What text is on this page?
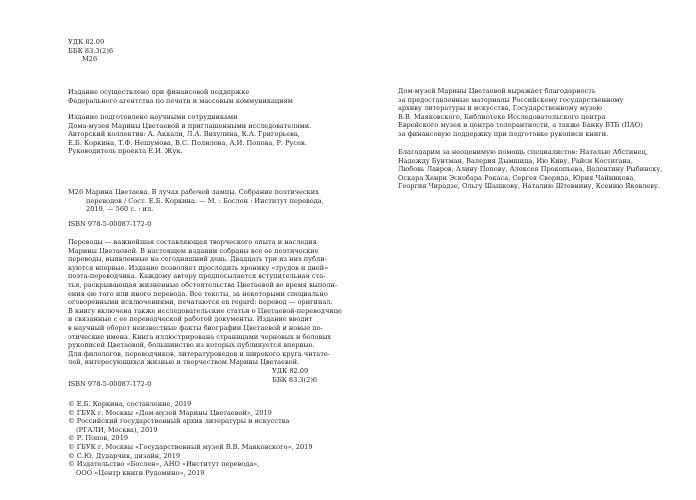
УДК 82.09
ББК 83.3(2)6
М26
Издание осуществлено при финансовой поддержке
Федерального агентства по печати и массовым коммуникациям
Издание подготовлено научными сотрудниками
Дома-музея Марины Цветаевой и приглашенными исследователями.
Авторский коллектив: А. Аккали, Л.А. Вихулина, К.А. Григорьева,
Е.Б. Коркина, Т.Ф. Нешумова, В.С. Полилова, А.И. Попова, Р. Русев.
Руководитель проекта Е.И. Жук.
М26 Марина Цветаева. В лучах рабочей лампы. Собрание поэтических
переводов / Сост. Е.Б. Коркина. — М. : Бослен : Институт перевода,
2019. — 560 с. : ил.
ISBN 978-5-00087-172-0
Переводы — важнейшая составляющая творческого опыта и наследия
Марины Цветаевой. В настоящем издании собраны все ее поэтические
переводы, выявленные на сегодняшний день. Двадцать три из них публи-
куются впервые. Издание позволяет проследить хронику «трудов и дней»
поэта-переводчика. Каждому автору предпосылается вступительная ста-
тья, раскрывающая жизненные обстоятельства Цветаевой во время выполн-
ения ею того или иного перевода. Все тексты, за некоторыми специально
оговоренными исключениями, печатаются en regard: перевод — оригинал.
В книгу включена также исследовательские статьи о Цветаевой-переводчице
и связанные с ее переводческой работой документы. Издание вводит
в научный оборот неизвестные факты биографии Цветаевой и новые по-
этические имена. Книга иллюстрирована страницами черновых и беловых
рукописей Цветаевой, большинство из которых публикуется впервые.
Для филологов, переводчиков, литературоведов и широкого круга читате-
лей, интересующихся жизнью и творчеством Марины Цветаевой.
УДК 82.09
ББК 83.3(2)6
ISBN 978-5-00087-172-0
© Е.Б. Коркина, составление, 2019
© ГБУК г. Москвы «Дом-музей Марины Цветаевой», 2019
© Российский государственный архив литературы и искусства
(РГАЛИ, Москва), 2019
© Р. Попов, 2019
© ГБУК г. Москвы «Государственный музей В.В. Маяковского», 2019
© С.Ю. Дударчик, дизайн, 2019
© Издательство «Бослен», АНО «Институт перевода»,
ООО «Центр книги Рудомино», 2019
Дом-музей Марины Цветаевой выражает благодарность
за предоставленные материалы Российскому государственному
архиву литературы и искусства, Государственному музею
В.В. Маяковского, Библиотеке Исследовательского центра
Еврейского музея и центра толерантности, а также Банку ВТБ (ПАО)
за финансовую поддержку при подготовке рукописи книги.
Благодарим за неоценимую помощь специалистов: Наталью Абстинец,
Надежду Бунтман, Валерия Дымшица, Ию Киву, Райси Костигана,
Любовь Лавров, Алину Попову, Алексея Прокопьева, Валентину Рыбинску,
Оскара Хенри Эскобара Рокаса, Сергея Сворида, Юрия Чайникова,
Георгия Чирадзе, Ольгу Шашкову, Наталию Штевнину, Ксению Яковлеву.
